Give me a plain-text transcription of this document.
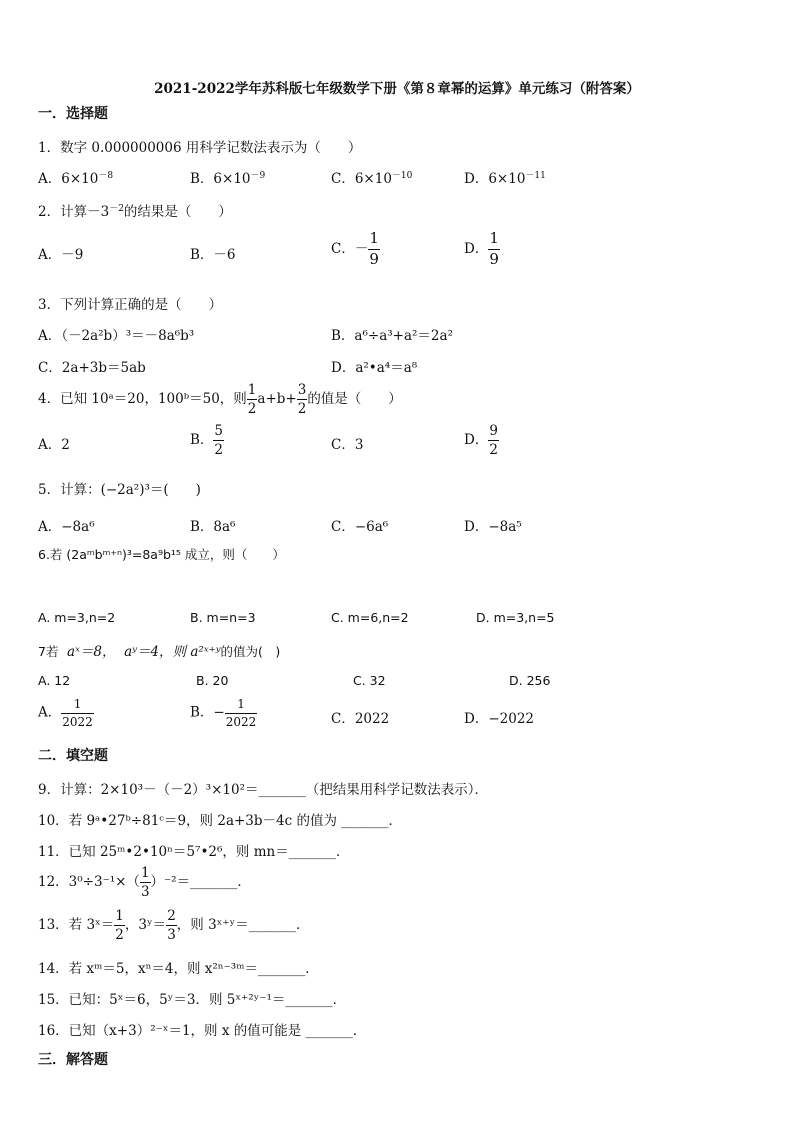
2021-2022学年苏科版七年级数学下册《第８章幂的运算》单元练习（附答案）
一．选择题
1．数字 0.000000006 用科学记数法表示为（　　）
A．$6\times 10^{-8}$	B．$6\times 10^{-9}$	C．$6\times 10^{-10}$	D．$6\times 10^{-11}$
2．计算$-3^{-2}$的结果是（　　）
A．－9	B．－6	C．－ $\frac{1}{9}$	D． $\frac{1}{9}$
3．下列计算正确的是（　　）
A．（－2a²b）³＝－8a⁶b³	B．a⁶÷a³+a²＝2a²
C．2a+3b＝5ab	D．a²•a⁴＝a⁸
4．已知 10ᵃ＝20，100ᵇ＝50，则 $\frac{1}{2} a+b+ \frac{3}{2}$ 的值是（　　）
A．2	B． $\frac{5}{2}$	C．3	D． $\frac{9}{2}$
5．计算：(−2a²)³＝(　　)
A．−8a⁶	B．8a⁶	C．−6a⁶	D．−8a⁵
6.若 (2aᵐbᵐ⁺ⁿ)³=8a⁹b¹⁵ 成立，则（　　）
A. m=3,n=2	B. m=n=3	C. m=6,n=2	D. m=3,n=5
7若 aˣ＝8， aʸ＝4，则 a²ˣ⁺ʸ的值为(　)
A. 12	B. 20	C. 32	D. 256
A． $\frac{1}{2022}$	B．− $\frac{1}{2022}$	C．2022	D．−2022
二．填空题
9．计算：2×10³－（－2）³×10²＝_______（把结果用科学记数法表示）．
10．若 9ᵃ•27ᵇ÷81ᶜ＝9，则 2a+3b－4c 的值为 _______．
11．已知 25ᵐ•2•10ⁿ＝5⁷•2⁶，则 mn＝_______．
12．$3^0\div 3^{-1}\times( \frac{1}{3}$ ）⁻²＝_______．
13．若 3ˣ＝ $\frac{1}{2}$ ，3ʸ＝ $\frac{2}{3}$ ，则 3ˣ⁺ʸ＝_______．
14．若 xᵐ＝5，xⁿ＝4，则 x²ⁿ⁻³ᵐ＝_______．
15．已知：5ˣ＝6，5ʸ＝3．则 5ˣ⁺²ʸ⁻¹＝_______．
16．已知（x+3）²⁻ˣ＝1，则 x 的值可能是 _______．
三．解答题
